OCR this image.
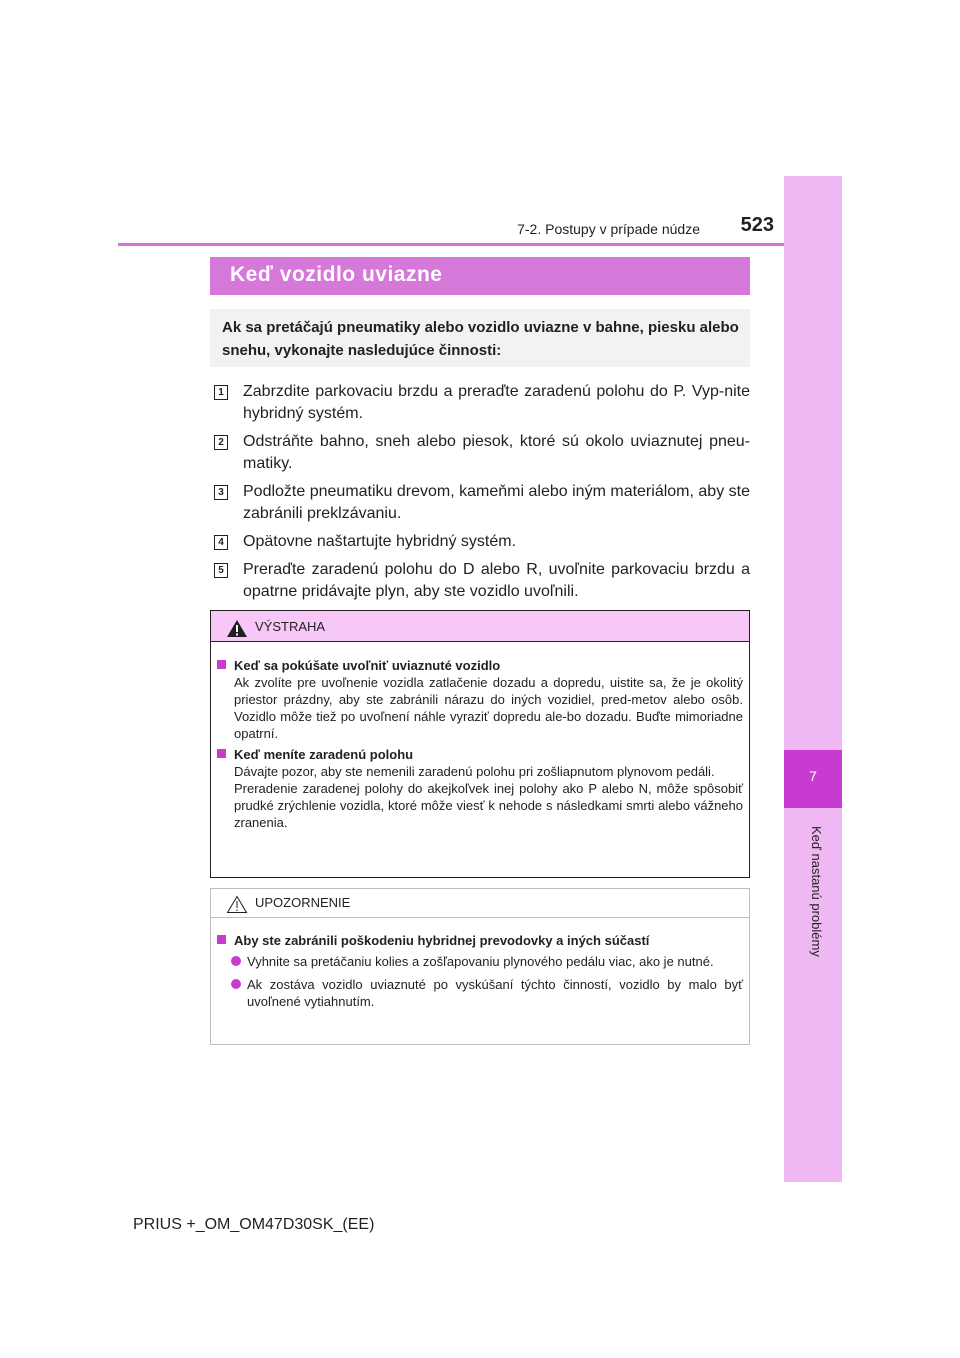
7
Keď nastanú problémy
7-2. Postupy v prípade núdze	523
Keď vozidlo uviazne
Ak sa pretáčajú pneumatiky alebo vozidlo uviazne v bahne, piesku alebo snehu, vykonajte nasledujúce činnosti:
1 Zabrzdite parkovaciu brzdu a preraďte zaradenú polohu do P. Vyp-nite hybridný systém.
2 Odstráňte bahno, sneh alebo piesok, ktoré sú okolo uviaznutej pneu-matiky.
3 Podložte pneumatiku drevom, kameňmi alebo iným materiálom, aby ste zabránili preklzávaniu.
4 Opätovne naštartujte hybridný systém.
5 Preraďte zaradenú polohu do D alebo R, uvoľnite parkovaciu brzdu a opatrne pridávajte plyn, aby ste vozidlo uvoľnili.
VÝSTRAHA
Keď sa pokúšate uvoľniť uviaznuté vozidlo
Ak zvolíte pre uvoľnenie vozidla zatlačenie dozadu a dopredu, uistite sa, že je okolitý priestor prázdny, aby ste zabránili nárazu do iných vozidiel, pred-metov alebo osôb. Vozidlo môže tiež po uvoľnení náhle vyraziť dopredu ale-bo dozadu. Buďte mimoriadne opatrní.
Keď meníte zaradenú polohu
Dávajte pozor, aby ste nemenili zaradenú polohu pri zošliapnutom plynovom pedáli.
Preradenie zaradenej polohy do akejkoľvek inej polohy ako P alebo N, môže spôsobiť prudké zrýchlenie vozidla, ktoré môže viesť k nehode s následkami smrti alebo vážneho zranenia.
UPOZORNENIE
Aby ste zabránili poškodeniu hybridnej prevodovky a iných súčastí
Vyhnite sa pretáčaniu kolies a zošľapovaniu plynového pedálu viac, ako je nutné.
Ak zostáva vozidlo uviaznuté po vyskúšaní týchto činností, vozidlo by malo byť uvoľnené vytiahnutím.
PRIUS +_OM_OM47D30SK_(EE)
